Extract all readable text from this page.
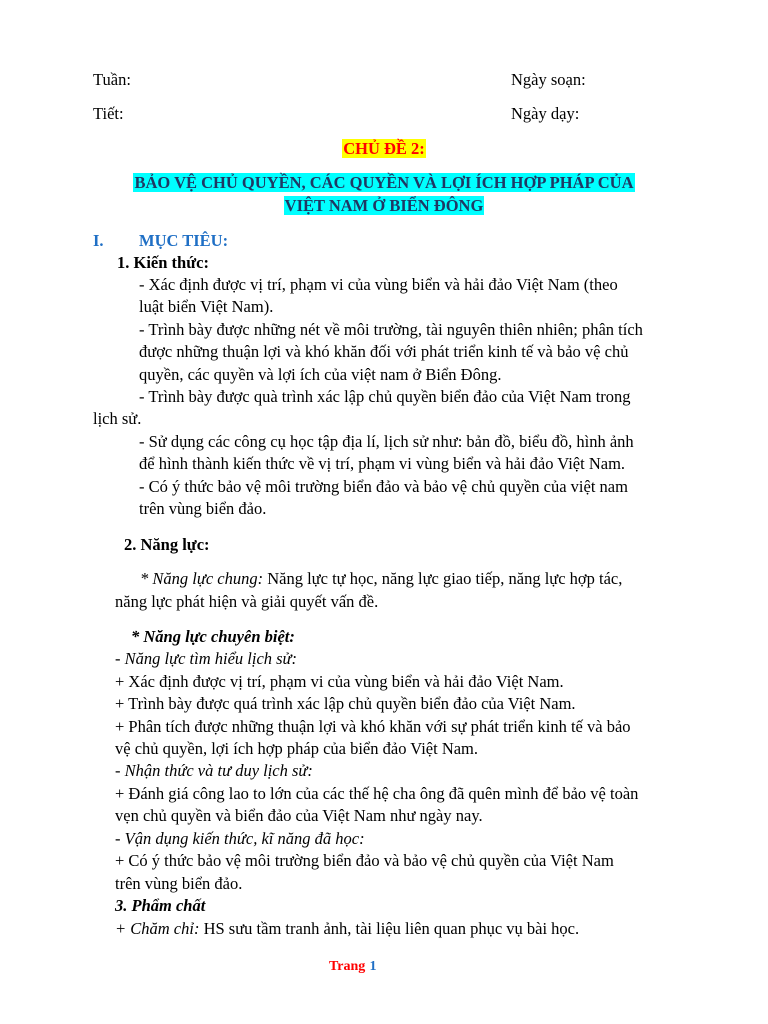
Tuần:	Ngày soạn:

Tiết:	Ngày dạy:

CHỦ ĐỀ 2:

BẢO VỆ CHỦ QUYỀN, CÁC QUYỀN VÀ LỢI ÍCH HỢP PHÁP CỦA

VIỆT NAM Ở BIỂN ĐÔNG

I. MỤC TIÊU:

1. Kiến thức:

- Xác định được vị trí, phạm vi của vùng biển và hải đảo Việt Nam (theo

luật biển Việt Nam).

- Trình bày được những nét về môi trường, tài nguyên thiên nhiên; phân tích

được những thuận lợi và khó khăn đối với phát triển kinh tế và bảo vệ chủ

quyền, các quyền và lợi ích của việt nam ở Biển Đông.

- Trình bày được quà trình xác lập chủ quyền biển đảo của Việt Nam trong

lịch sử.

- Sử dụng các công cụ học tập địa lí, lịch sử như: bản đồ, biểu đồ, hình ảnh

để hình thành kiến thức về vị trí, phạm vi vùng biển và hải đảo Việt Nam.

- Có ý thức bảo vệ môi trường biển đảo và bảo vệ chủ quyền của việt nam

trên vùng biển đảo.

2. Năng lực:

* Năng lực chung: Năng lực tự học, năng lực giao tiếp, năng lực hợp tác,

năng lực phát hiện và giải quyết vấn đề.

* Năng lực chuyên biệt:

- Năng lực tìm hiểu lịch sử:

+ Xác định được vị trí, phạm vi của vùng biển và hải đảo Việt Nam.

+ Trình bày được quá trình xác lập chủ quyền biển đảo của Việt Nam.

+ Phân tích được những thuận lợi và khó khăn với sự phát triển kinh tế và bảo

vệ chủ quyền, lợi ích hợp pháp của biển đảo Việt Nam.

- Nhận thức và tư duy lịch sử:

+ Đánh giá công lao to lớn của các thế hệ cha ông đã quên mình để bảo vệ toàn

vẹn chủ quyền và biển đảo của Việt Nam như ngày nay.

- Vận dụng kiến thức, kĩ năng đã học:

+ Có ý thức bảo vệ môi trường biển đảo và bảo vệ chủ quyền của Việt Nam

trên vùng biển đảo.

3. Phẩm chất

+ Chăm chỉ: HS sưu tầm tranh ảnh, tài liệu liên quan phục vụ bài học.

Trang 1
